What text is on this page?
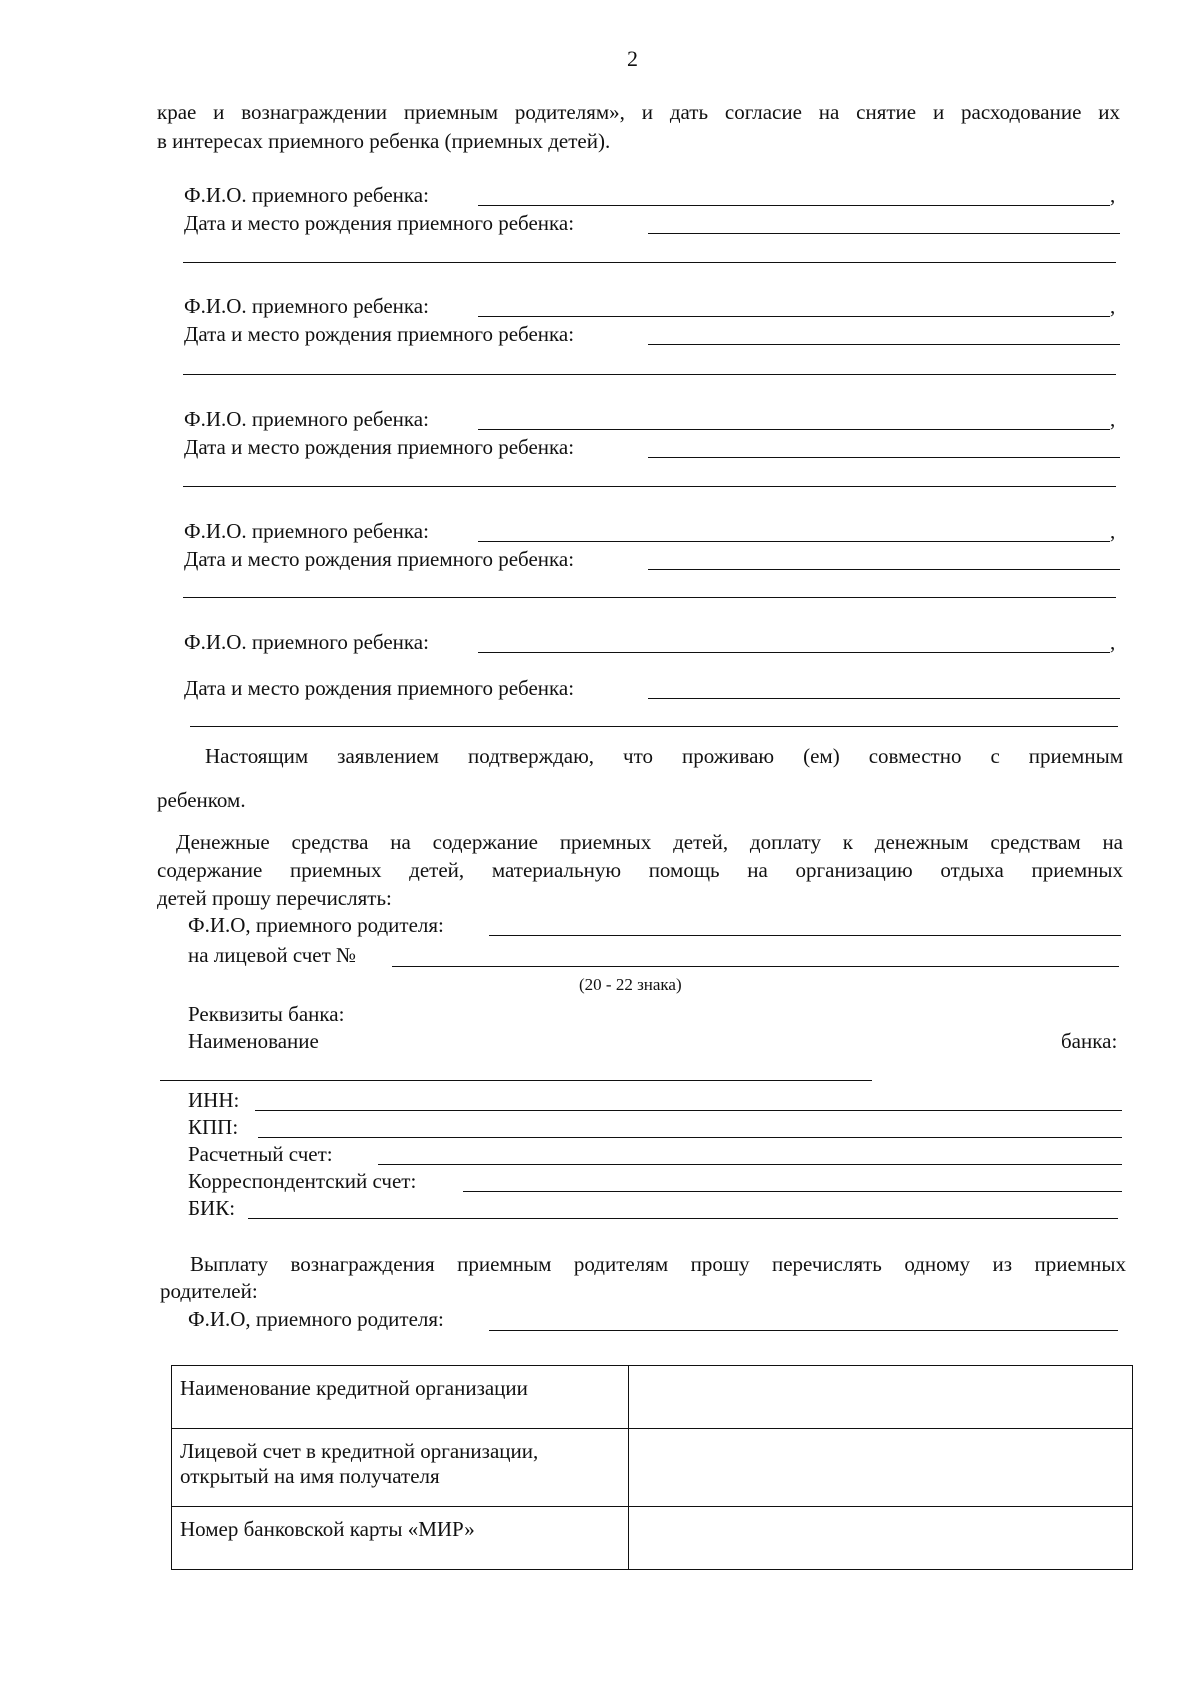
2
крае и вознаграждении приемным родителям», и дать согласие на снятие и расходование их
в интересах приемного ребенка (приемных детей).
Ф.И.О. приемного ребенка:	,
Дата и место рождения приемного ребенка:
Ф.И.О. приемного ребенка:	,
Дата и место рождения приемного ребенка:
Ф.И.О. приемного ребенка:	,
Дата и место рождения приемного ребенка:
Ф.И.О. приемного ребенка:	,
Дата и место рождения приемного ребенка:
Ф.И.О. приемного ребенка:	,
Дата и место рождения приемного ребенка:
Настоящим заявлением подтверждаю, что проживаю (ем) совместно с приемным
ребенком.
Денежные средства на содержание приемных детей, доплату к денежным средствам на
содержание приемных детей, материальную помощь на организацию отдыха приемных
детей прошу перечислять:
Ф.И.О, приемного родителя:
на лицевой счет №
(20 - 22 знака)
Реквизиты банка:
Наименование	банка:
ИНН:
КПП:
Расчетный счет:
Корреспондентский счет:
БИК:
Выплату вознаграждения приемным родителям прошу перечислять одному из приемных
родителей:
Ф.И.О, приемного родителя:
Наименование кредитной организации	

Лицевой счет в кредитной организации,
открытый на имя получателя	

Номер банковской карты «МИР»	
